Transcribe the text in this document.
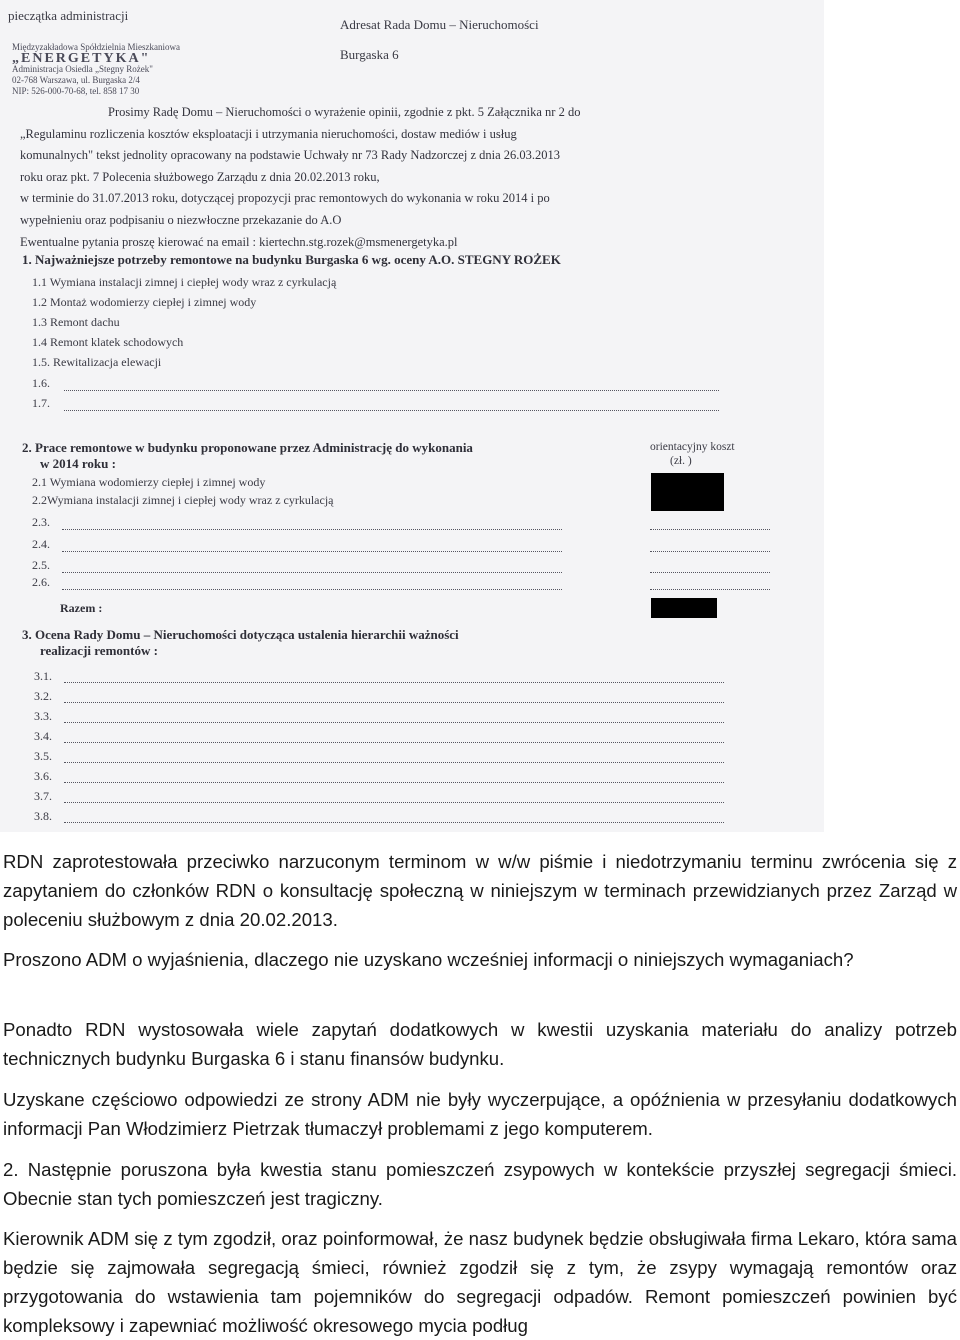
pieczątka administracji
Międzyzakładowa Spółdzielnia Mieszkaniowa
„ENERGETYKA"
Administracja Osiedla „Stegny Rożek"
02-768 Warszawa, ul. Burgaska 2/4
NIP: 526-000-70-68, tel. 858 17 30
Adresat Rada Domu – Nieruchomości
Burgaska 6
Prosimy Radę Domu – Nieruchomości o wyrażenie opinii, zgodnie z pkt. 5 Załącznika nr 2 do
„Regulaminu rozliczenia kosztów eksploatacji i utrzymania nieruchomości, dostaw mediów i usług
komunalnych" tekst jednolity opracowany na podstawie Uchwały nr 73 Rady Nadzorczej z dnia 26.03.2013
roku oraz pkt. 7 Polecenia służbowego Zarządu z dnia 20.02.2013 roku,
w terminie do 31.07.2013 roku, dotyczącej propozycji prac remontowych do wykonania w roku 2014 i po
wypełnieniu oraz podpisaniu o niezwłoczne przekazanie do A.O
Ewentualne pytania proszę kierować na email : kiertechn.stg.rozek@msmenergetyka.pl
1. Najważniejsze potrzeby remontowe na budynku Burgaska 6 wg. oceny A.O. STEGNY ROŻEK
1.1 Wymiana instalacji zimnej i ciepłej wody wraz z cyrkulacją
1.2 Montaż wodomierzy ciepłej i zimnej wody
1.3 Remont dachu
1.4 Remont klatek schodowych
1.5. Rewitalizacja elewacji
1.6.
1.7.
2. Prace remontowe w budynku proponowane przez Administrację do wykonania
w 2014 roku :
orientacyjny koszt
(zł. )
2.1 Wymiana wodomierzy ciepłej i zimnej wody
2.2Wymiana instalacji zimnej i ciepłej wody wraz z cyrkulacją
2.3.
2.4.
2.5.
2.6.
Razem :
3. Ocena Rady Domu – Nieruchomości dotycząca ustalenia hierarchii ważności
realizacji remontów :
3.1.
3.2.
3.3.
3.4.
3.5.
3.6.
3.7.
3.8.

RDN zaprotestowała przeciwko narzuconym terminom w w/w piśmie i niedotrzymaniu terminu zwrócenia się z zapytaniem do członków RDN o konsultację społeczną w niniejszym w terminach przewidzianych przez Zarząd w poleceniu służbowym z dnia 20.02.2013.

Proszono ADM o wyjaśnienia, dlaczego nie uzyskano wcześniej informacji o niniejszych wymaganiach?

Ponadto RDN wystosowała wiele zapytań dodatkowych w kwestii uzyskania materiału do analizy potrzeb technicznych budynku Burgaska 6 i stanu finansów budynku.

Uzyskane częściowo odpowiedzi ze strony ADM nie były wyczerpujące, a opóźnienia w przesyłaniu dodatkowych informacji Pan Włodzimierz Pietrzak tłumaczył problemami z jego komputerem.

2. Następnie poruszona była kwestia stanu pomieszczeń zsypowych w kontekście przyszłej segregacji śmieci. Obecnie stan tych pomieszczeń jest tragiczny.

Kierownik ADM się z tym zgodził, oraz poinformował, że nasz budynek będzie obsługiwała firma Lekaro, która sama będzie się zajmowała segregacją śmieci, również zgodził się z tym, że zsypy wymagają remontów oraz przygotowania do wstawienia tam pojemników do segregacji odpadów. Remont pomieszczeń powinien być kompleksowy i zapewniać możliwość okresowego mycia podług
